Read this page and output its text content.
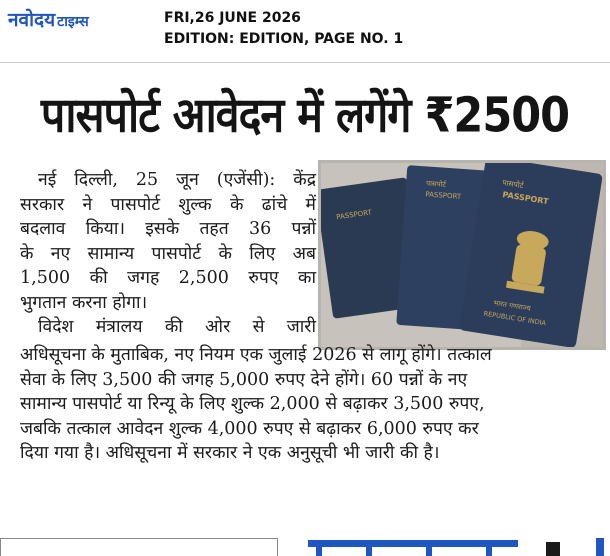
नवोदय टाइम्स	FRI,26 JUNE 2026
EDITION: EDITION, PAGE NO. 1
पासपोर्ट आवेदन में लगेंगे ₹2500
PASSPORT
पासपोर्ट
PASSPORT
पासपोर्ट
PASSPORT
भारत गणराज्य
REPUBLIC OF INDIA
नई दिल्ली, 25 जून (एजेंसी): केंद्र
सरकार ने पासपोर्ट शुल्क के ढांचे में
बदलाव किया। इसके तहत 36 पन्नों
के नए सामान्य पासपोर्ट के लिए अब
1,500 की जगह 2,500 रुपए का
भुगतान करना होगा।
विदेश मंत्रालय की ओर से जारी
अधिसूचना के मुताबिक, नए नियम एक जुलाई 2026 से लागू होंगे। तत्काल
सेवा के लिए 3,500 की जगह 5,000 रुपए देने होंगे। 60 पन्नों के नए
सामान्य पासपोर्ट या रिन्यू के लिए शुल्क 2,000 से बढ़ाकर 3,500 रुपए,
जबकि तत्काल आवेदन शुल्क 4,000 रुपए से बढ़ाकर 6,000 रुपए कर
दिया गया है। अधिसूचना में सरकार ने एक अनुसूची भी जारी की है।
